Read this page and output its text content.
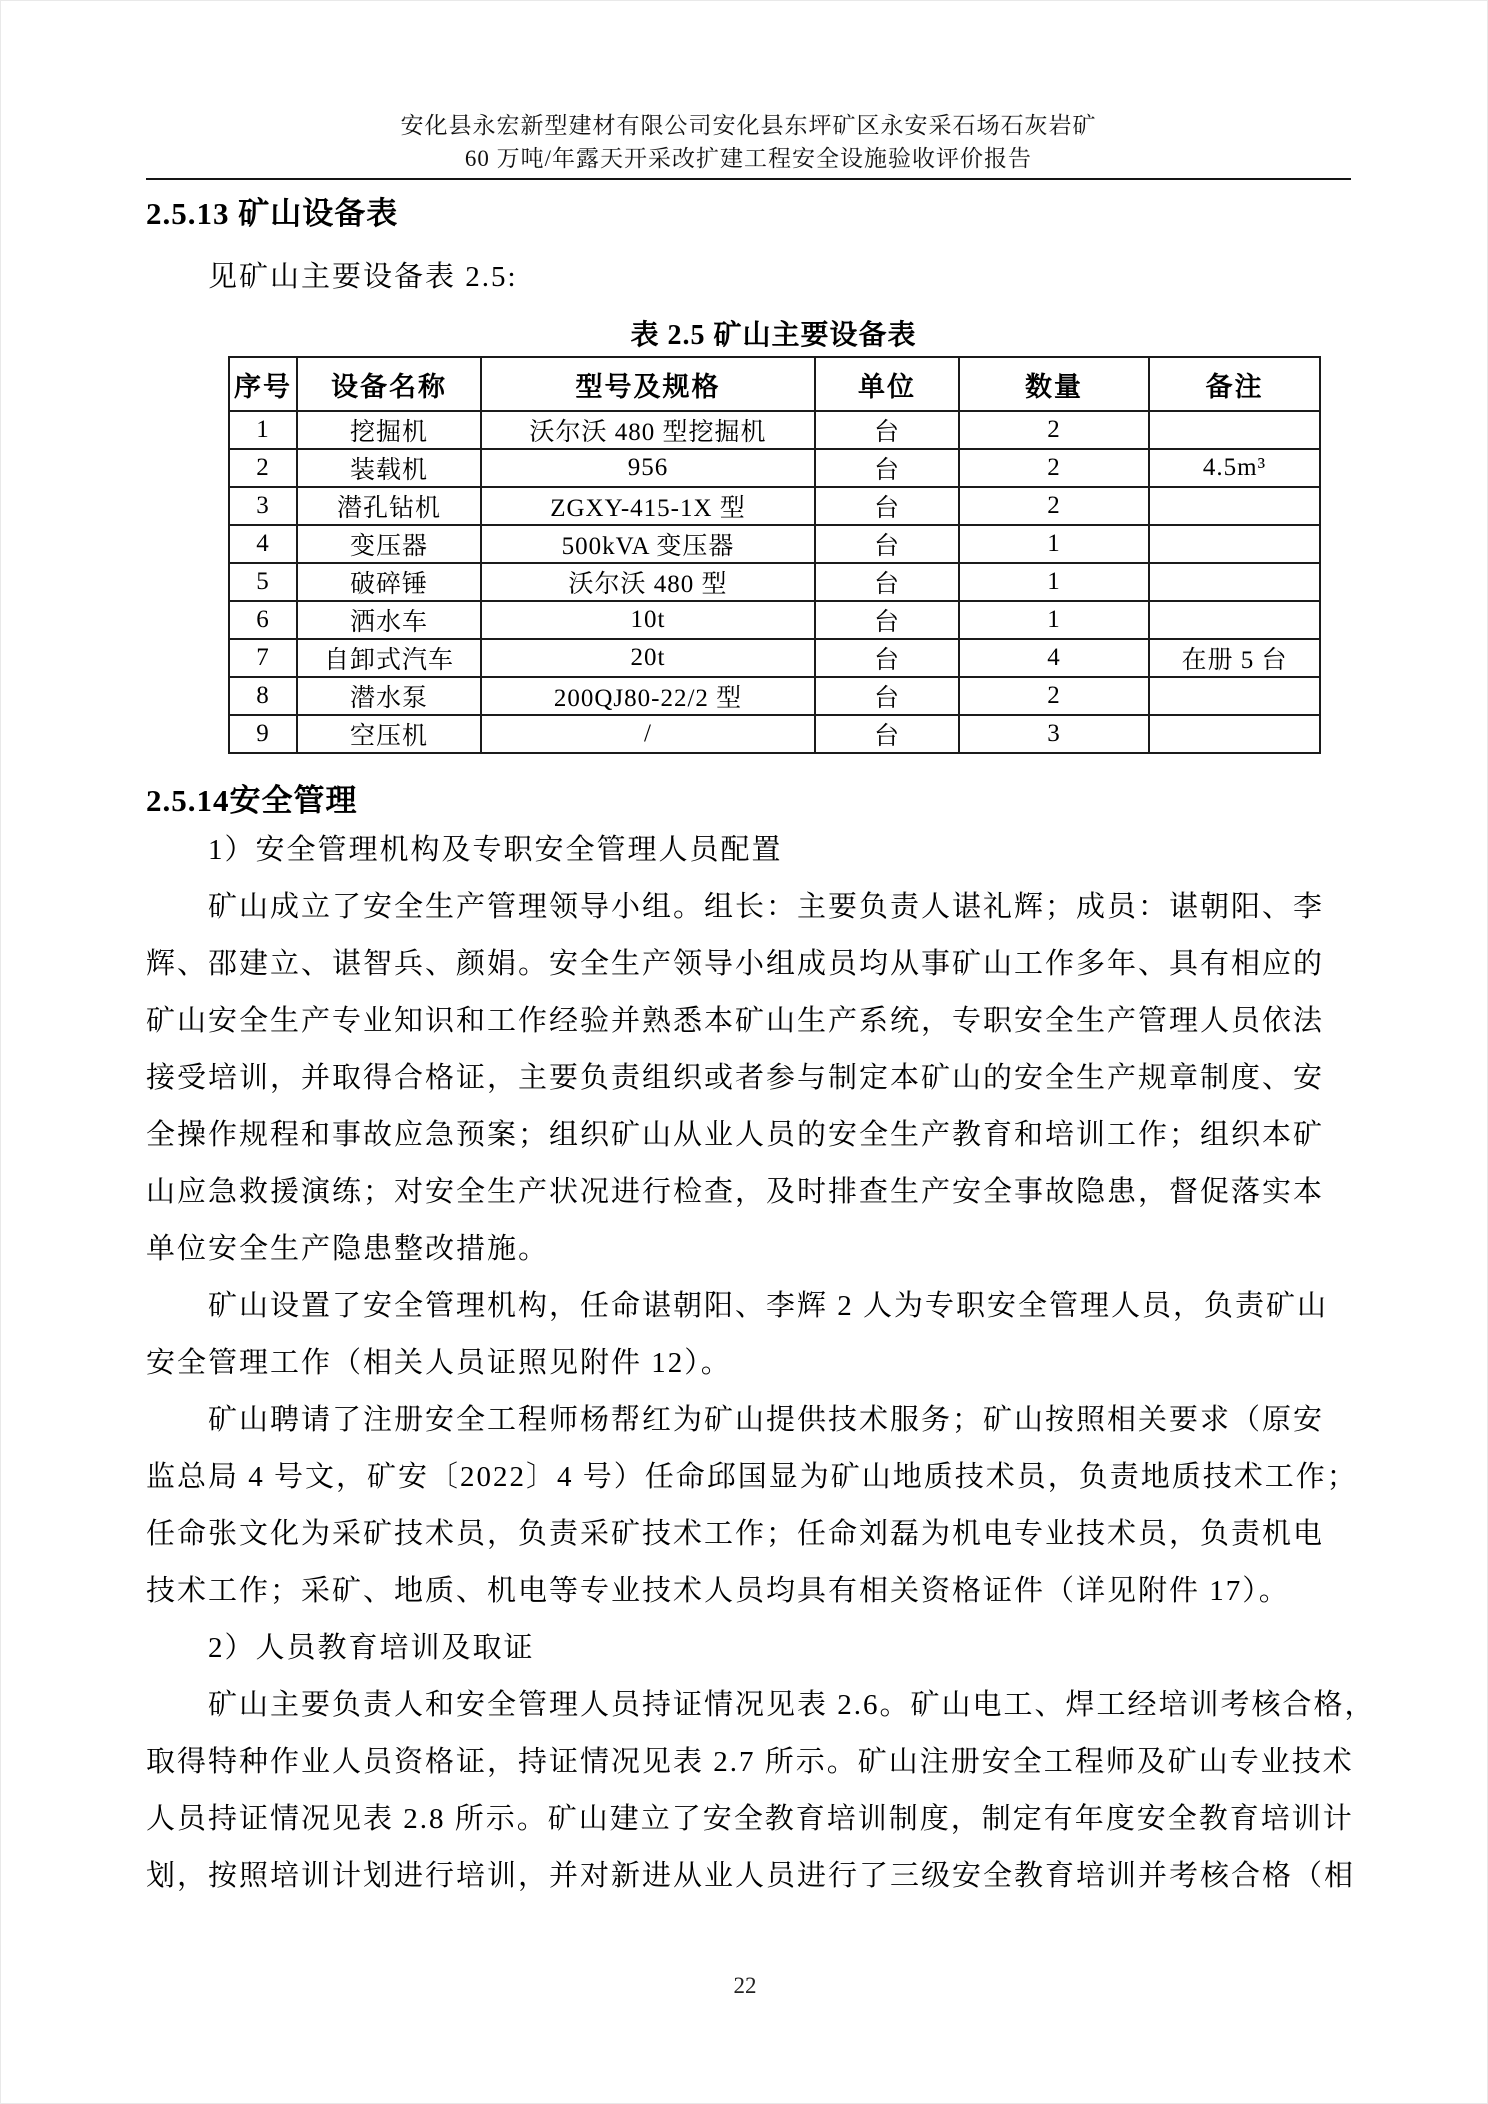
安化县永宏新型建材有限公司安化县东坪矿区永安采石场石灰岩矿
60 万吨/年露天开采改扩建工程安全设施验收评价报告
2.5.13 矿山设备表
见矿山主要设备表 2.5:
表 2.5 矿山主要设备表
序号	设备名称	型号及规格	单位	数量	备注
1	挖掘机	沃尔沃 480 型挖掘机	台	2	
2	装载机	956	台	2	4.5m³
3	潜孔钻机	ZGXY-415-1X 型	台	2	
4	变压器	500kVA 变压器	台	1	
5	破碎锤	沃尔沃 480 型	台	1	
6	洒水车	10t	台	1	
7	自卸式汽车	20t	台	4	在册 5 台
8	潜水泵	200QJ80-22/2 型	台	2	
9	空压机	/	台	3	
2.5.14安全管理
1）安全管理机构及专职安全管理人员配置
矿山成立了安全生产管理领导小组。组长：主要负责人谌礼辉；成员：谌朝阳、李
辉、邵建立、谌智兵、颜娟。安全生产领导小组成员均从事矿山工作多年、具有相应的
矿山安全生产专业知识和工作经验并熟悉本矿山生产系统，专职安全生产管理人员依法
接受培训，并取得合格证，主要负责组织或者参与制定本矿山的安全生产规章制度、安
全操作规程和事故应急预案；组织矿山从业人员的安全生产教育和培训工作；组织本矿
山应急救援演练；对安全生产状况进行检查，及时排查生产安全事故隐患，督促落实本
单位安全生产隐患整改措施。
矿山设置了安全管理机构，任命谌朝阳、李辉 2 人为专职安全管理人员，负责矿山
安全管理工作（相关人员证照见附件 12）。
矿山聘请了注册安全工程师杨帮红为矿山提供技术服务；矿山按照相关要求（原安
监总局 4 号文，矿安〔2022〕4 号）任命邱国显为矿山地质技术员，负责地质技术工作；
任命张文化为采矿技术员，负责采矿技术工作；任命刘磊为机电专业技术员，负责机电
技术工作；采矿、地质、机电等专业技术人员均具有相关资格证件（详见附件 17）。
2）人员教育培训及取证
矿山主要负责人和安全管理人员持证情况见表 2.6。矿山电工、焊工经培训考核合格，
取得特种作业人员资格证，持证情况见表 2.7 所示。矿山注册安全工程师及矿山专业技术
人员持证情况见表 2.8 所示。矿山建立了安全教育培训制度，制定有年度安全教育培训计
划，按照培训计划进行培训，并对新进从业人员进行了三级安全教育培训并考核合格（相
22
